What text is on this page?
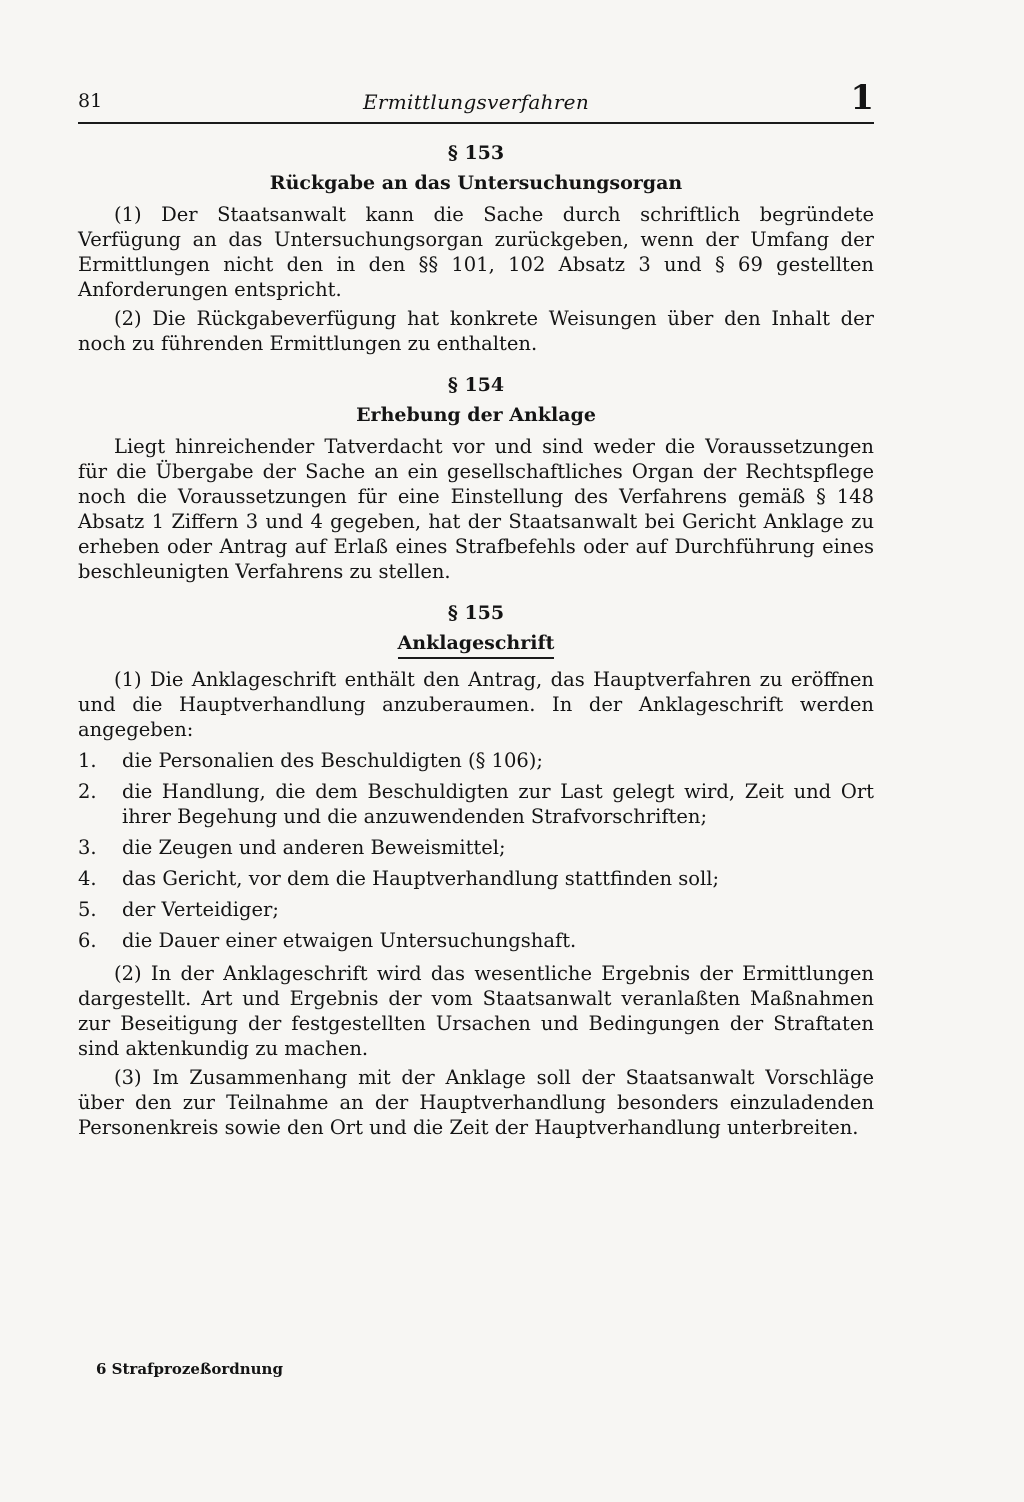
81	Ermittlungsverfahren	1
§ 153
Rückgabe an das Untersuchungsorgan

(1) Der Staatsanwalt kann die Sache durch schriftlich begründete Verfügung an das Untersuchungsorgan zurückgeben, wenn der Umfang der Ermittlungen nicht den in den §§ 101, 102 Absatz 3 und § 69 gestellten Anforderungen entspricht.

(2) Die Rückgabeverfügung hat konkrete Weisungen über den Inhalt der noch zu führenden Ermittlungen zu enthalten.

§ 154
Erhebung der Anklage

Liegt hinreichender Tatverdacht vor und sind weder die Voraussetzungen für die Übergabe der Sache an ein gesellschaftliches Organ der Rechtspflege noch die Voraussetzungen für eine Einstellung des Verfahrens gemäß § 148 Absatz 1 Ziffern 3 und 4 gegeben, hat der Staatsanwalt bei Gericht Anklage zu erheben oder Antrag auf Erlaß eines Strafbefehls oder auf Durchführung eines beschleunigten Verfahrens zu stellen.

§ 155
Anklageschrift

(1) Die Anklageschrift enthält den Antrag, das Hauptverfahren zu eröffnen und die Hauptverhandlung anzuberaumen. In der Anklageschrift werden angegeben:

1.	die Personalien des Beschuldigten (§ 106);
2.	die Handlung, die dem Beschuldigten zur Last gelegt wird, Zeit und Ort ihrer Begehung und die anzuwendenden Strafvorschriften;
3.	die Zeugen und anderen Beweismittel;
4.	das Gericht, vor dem die Hauptverhandlung stattfinden soll;
5.	der Verteidiger;
6.	die Dauer einer etwaigen Untersuchungshaft.

(2) In der Anklageschrift wird das wesentliche Ergebnis der Ermittlungen dargestellt. Art und Ergebnis der vom Staatsanwalt veranlaßten Maßnahmen zur Beseitigung der festgestellten Ursachen und Bedingungen der Straftaten sind aktenkundig zu machen.

(3) Im Zusammenhang mit der Anklage soll der Staatsanwalt Vorschläge über den zur Teilnahme an der Hauptverhandlung besonders einzuladenden Personenkreis sowie den Ort und die Zeit der Hauptverhandlung unterbreiten.

6 Strafprozeßordnung
